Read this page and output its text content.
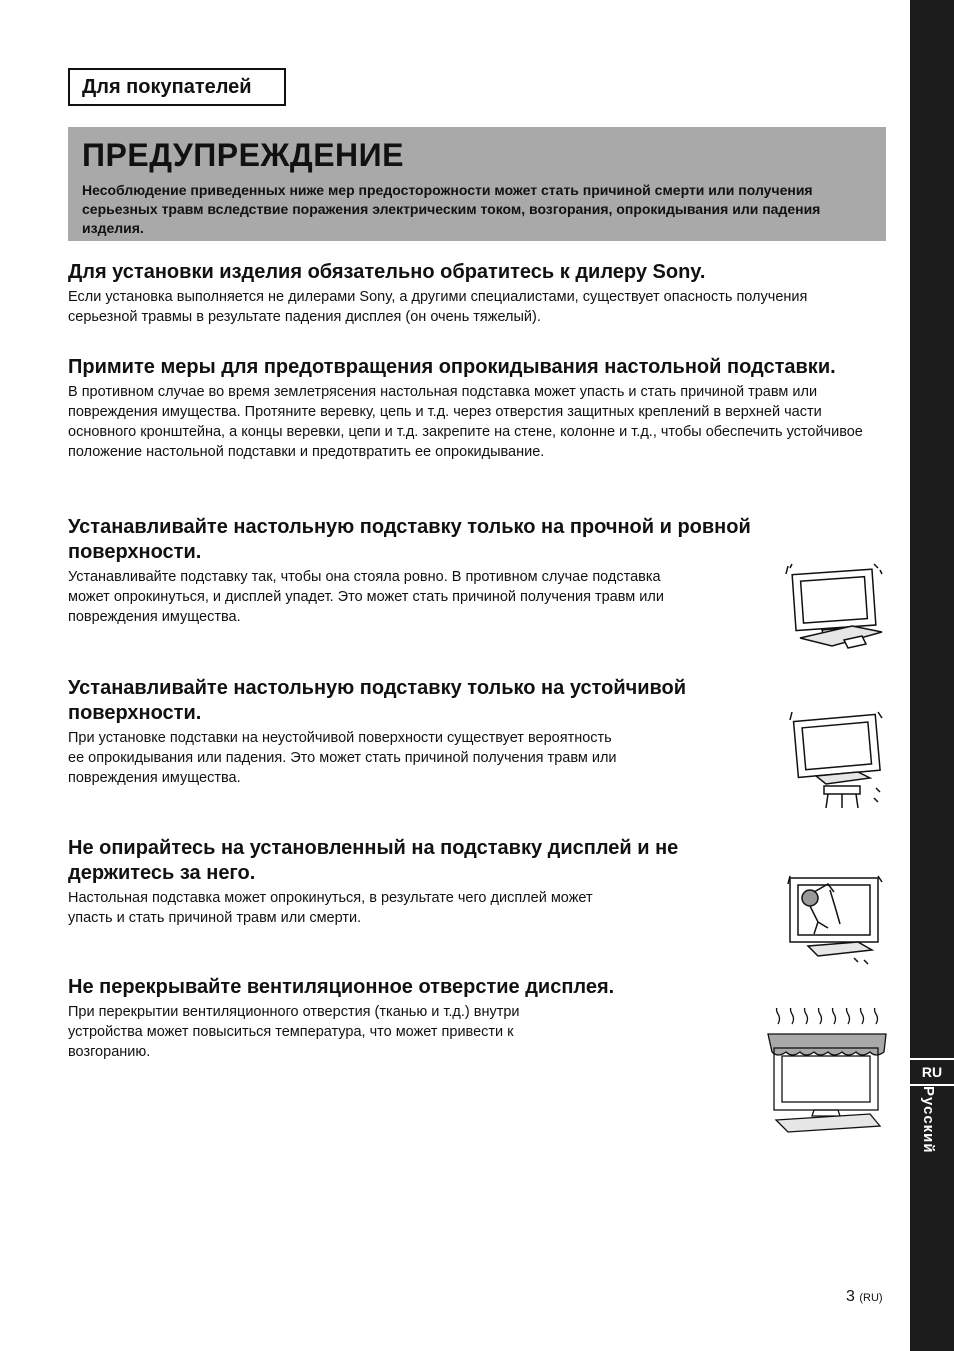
RU
Русский
Для покупателей
ПРЕДУПРЕЖДЕНИЕ

Несоблюдение приведенных ниже мер предосторожности может стать причиной смерти или получения серьезных травм вследствие поражения электрическим током, возгорания, опрокидывания или падения изделия.

Для установки изделия обязательно обратитесь к дилеру Sony.

Если установка выполняется не дилерами Sony, а другими специалистами, существует опасность получения серьезной травмы в результате падения дисплея (он очень тяжелый).

Примите меры для предотвращения опрокидывания настольной подставки.

В противном случае во время землетрясения настольная подставка может упасть и стать причиной травм или повреждения имущества. Протяните веревку, цепь и т.д. через отверстия защитных креплений в верхней части основного кронштейна, а концы веревки, цепи и т.д. закрепите на стене, колонне и т.д., чтобы обеспечить устойчивое положение настольной подставки и предотвратить ее опрокидывание.

Устанавливайте настольную подставку только на прочной и ровной поверхности.

Устанавливайте подставку так, чтобы она стояла ровно. В противном случае подставка может опрокинуться, и дисплей упадет. Это может стать причиной получения травм или повреждения имущества.

Устанавливайте настольную подставку только на устойчивой поверхности.

При установке подставки на неустойчивой поверхности существует вероятность ее опрокидывания или падения. Это может стать причиной получения травм или повреждения имущества.

Не опирайтесь на установленный на подставку дисплей и не держитесь за него.

Настольная подставка может опрокинуться, в результате чего дисплей может упасть и стать причиной травм или смерти.

Не перекрывайте вентиляционное отверстие дисплея.

При перекрытии вентиляционного отверстия (тканью и т.д.) внутри устройства может повыситься температура, что может привести к возгоранию.

3 (RU)
